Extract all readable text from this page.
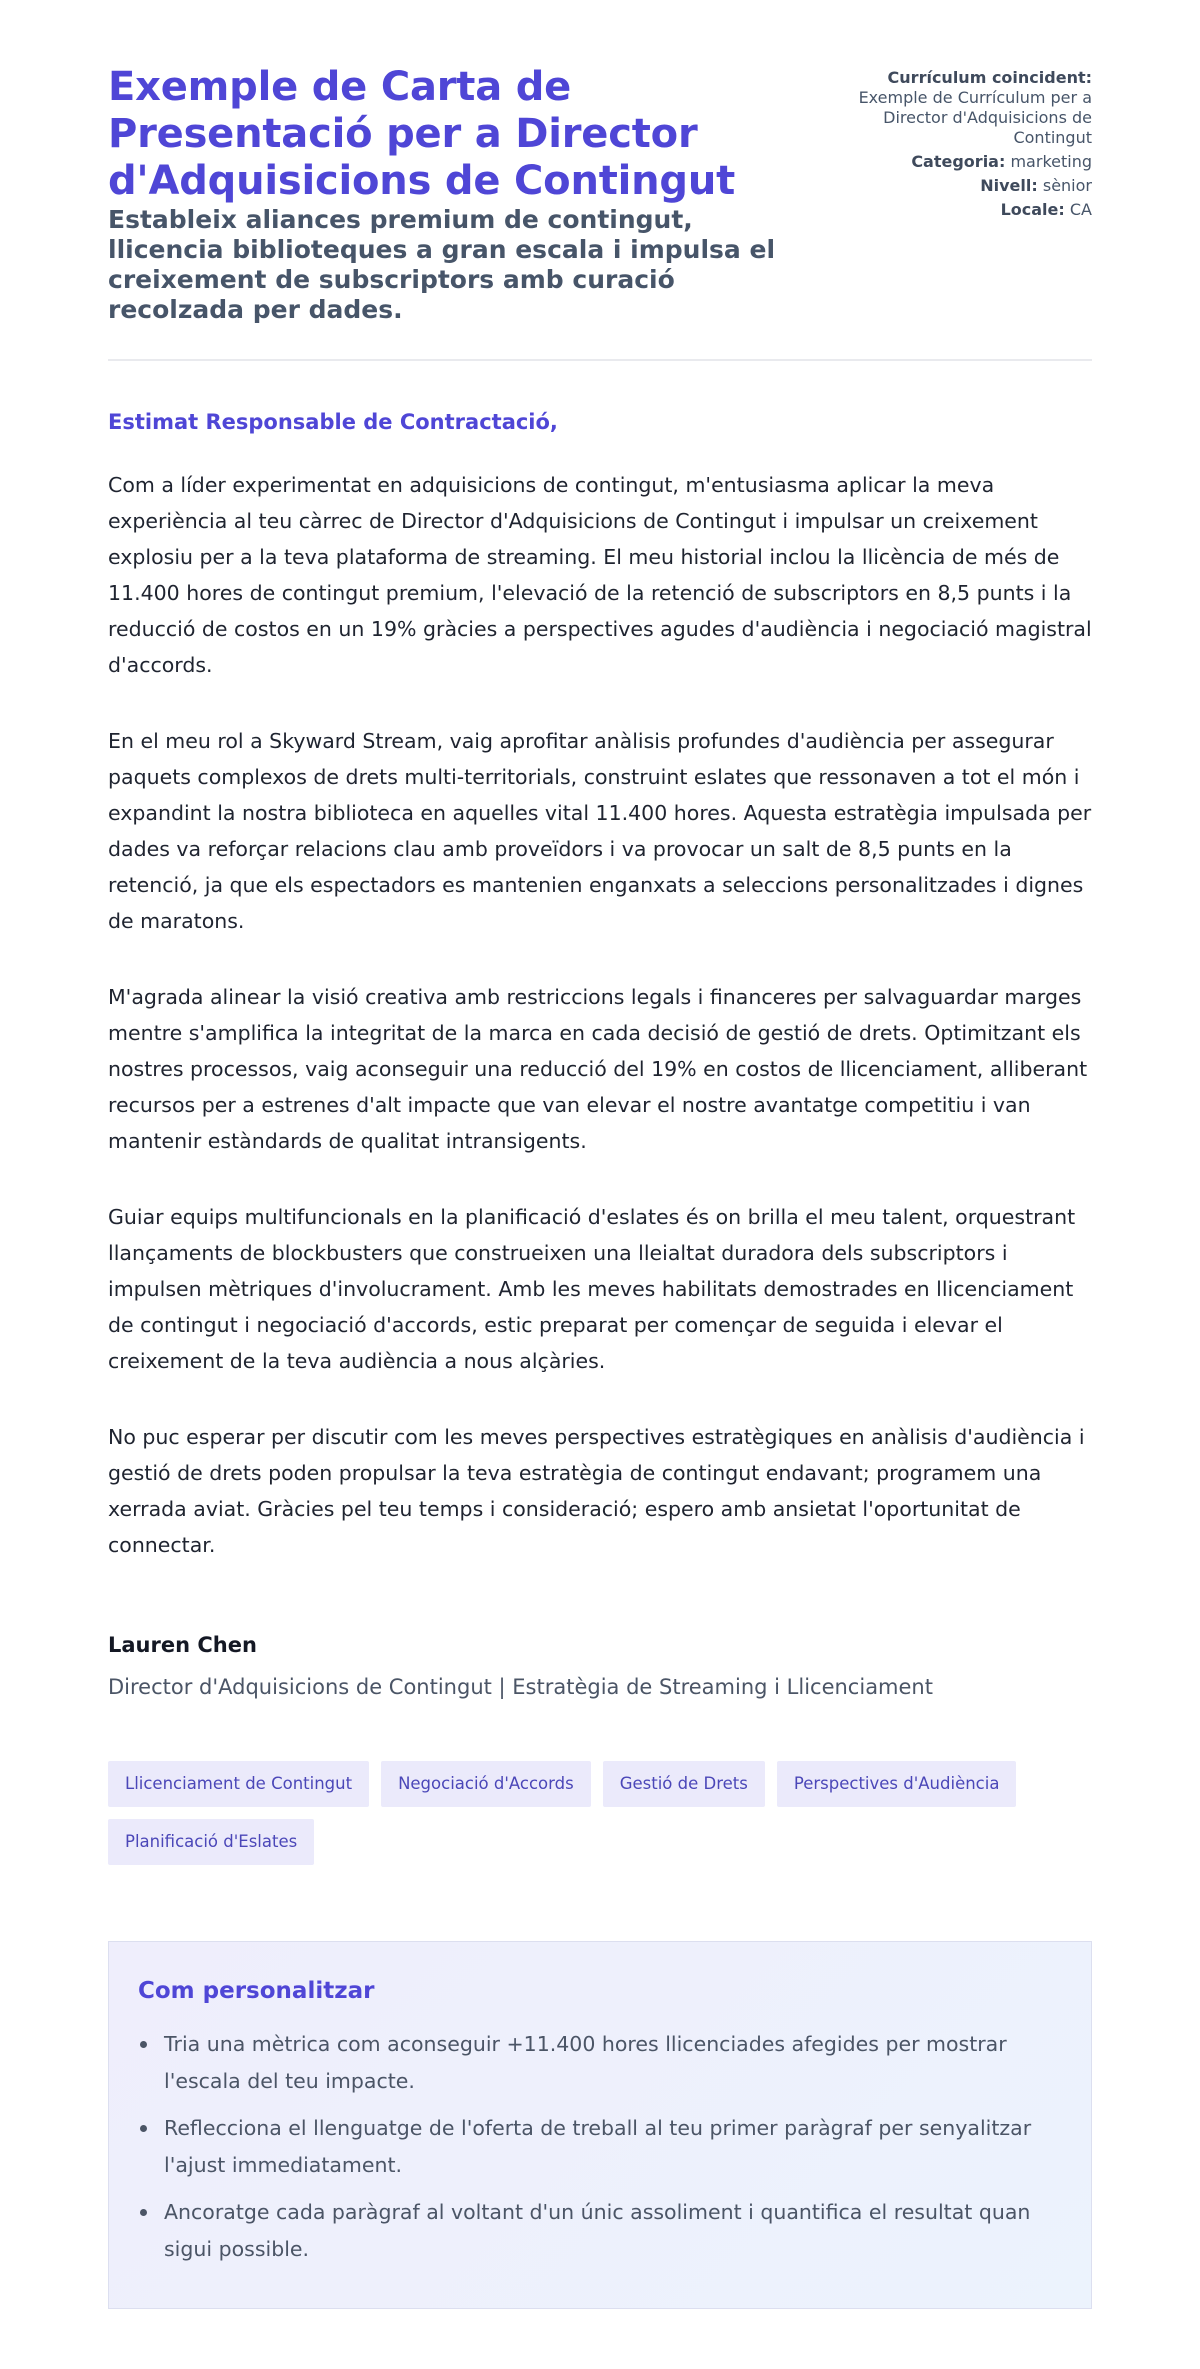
Exemple de Carta de Presentació per a Director d'Adquisicions de Contingut
Estableix aliances premium de contingut, llicencia biblioteques a gran escala i impulsa el creixement de subscriptors amb curació recolzada per dades.
Currículum coincident:
Exemple de Currículum per a Director d'Adquisicions de Contingut
Categoria: marketing
Nivell: sènior
Locale: CA

Estimat Responsable de Contractació,

Com a líder experimentat en adquisicions de contingut, m'entusiasma aplicar la meva experiència al teu càrrec de Director d'Adquisicions de Contingut i impulsar un creixement explosiu per a la teva plataforma de streaming. El meu historial inclou la llicència de més de 11.400 hores de contingut premium, l'elevació de la retenció de subscriptors en 8,5 punts i la reducció de costos en un 19% gràcies a perspectives agudes d'audiència i negociació magistral d'accords.

En el meu rol a Skyward Stream, vaig aprofitar anàlisis profundes d'audiència per assegurar paquets complexos de drets multi-territorials, construint eslates que ressonaven a tot el món i expandint la nostra biblioteca en aquelles vital 11.400 hores. Aquesta estratègia impulsada per dades va reforçar relacions clau amb proveïdors i va provocar un salt de 8,5 punts en la retenció, ja que els espectadors es mantenien enganxats a seleccions personalitzades i dignes de maratons.

M'agrada alinear la visió creativa amb restriccions legals i financeres per salvaguardar marges mentre s'amplifica la integritat de la marca en cada decisió de gestió de drets. Optimitzant els nostres processos, vaig aconseguir una reducció del 19% en costos de llicenciament, alliberant recursos per a estrenes d'alt impacte que van elevar el nostre avantatge competitiu i van mantenir estàndards de qualitat intransigents.

Guiar equips multifuncionals en la planificació d'eslates és on brilla el meu talent, orquestrant llançaments de blockbusters que construeixen una lleialtat duradora dels subscriptors i impulsen mètriques d'involucrament. Amb les meves habilitats demostrades en llicenciament de contingut i negociació d'accords, estic preparat per començar de seguida i elevar el creixement de la teva audiència a nous alçàries.

No puc esperar per discutir com les meves perspectives estratègiques en anàlisis d'audiència i gestió de drets poden propulsar la teva estratègia de contingut endavant; programem una xerrada aviat. Gràcies pel teu temps i consideració; espero amb ansietat l'oportunitat de connectar.

Lauren Chen
Director d'Adquisicions de Contingut | Estratègia de Streaming i Llicenciament
Llicenciament de Contingut	Negociació d'Accords	Gestió de Drets	Perspectives d'Audiència
Planificació d'Eslates
Com personalitzar
Tria una mètrica com aconseguir +11.400 hores llicenciades afegides per mostrar l'escala del teu impacte.
Reflecciona el llenguatge de l'oferta de treball al teu primer paràgraf per senyalitzar l'ajust immediatament.
Ancoratge cada paràgraf al voltant d'un únic assoliment i quantifica el resultat quan sigui possible.
